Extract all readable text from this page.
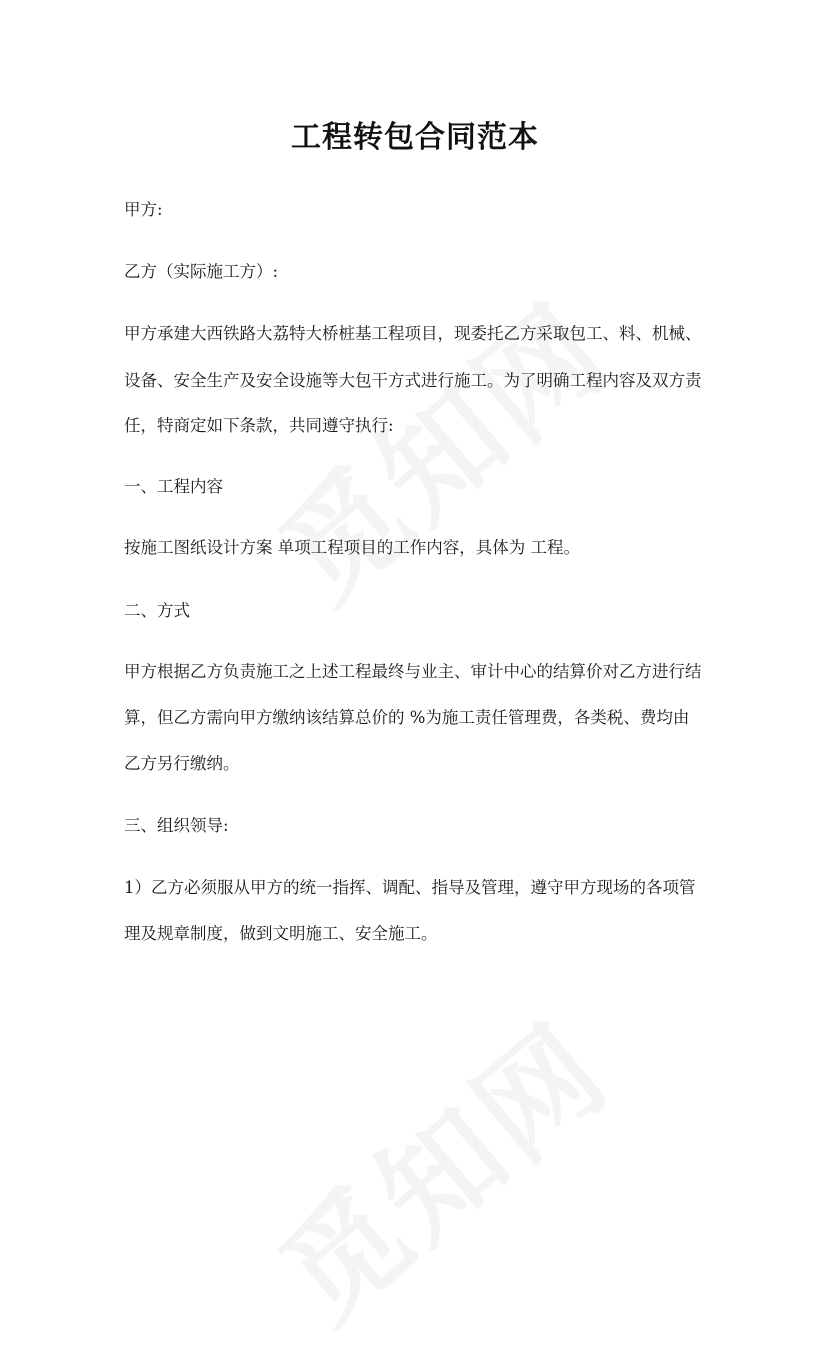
工程转包合同范本
甲方:
乙方（实际施工方）:
甲方承建大西铁路大荔特大桥桩基工程项目，现委托乙方采取包工、料、机械、
设备、安全生产及安全设施等大包干方式进行施工。为了明确工程内容及双方责
任，特商定如下条款，共同遵守执行:
一、工程内容
按施工图纸设计方案 单项工程项目的工作内容，具体为 工程。
二、方式
甲方根据乙方负责施工之上述工程最终与业主、审计中心的结算价对乙方进行结
算，但乙方需向甲方缴纳该结算总价的 %为施工责任管理费，各类税、费均由
乙方另行缴纳。
三、组织领导:
1）乙方必须服从甲方的统一指挥、调配、指导及管理，遵守甲方现场的各项管
理及规章制度，做到文明施工、安全施工。
